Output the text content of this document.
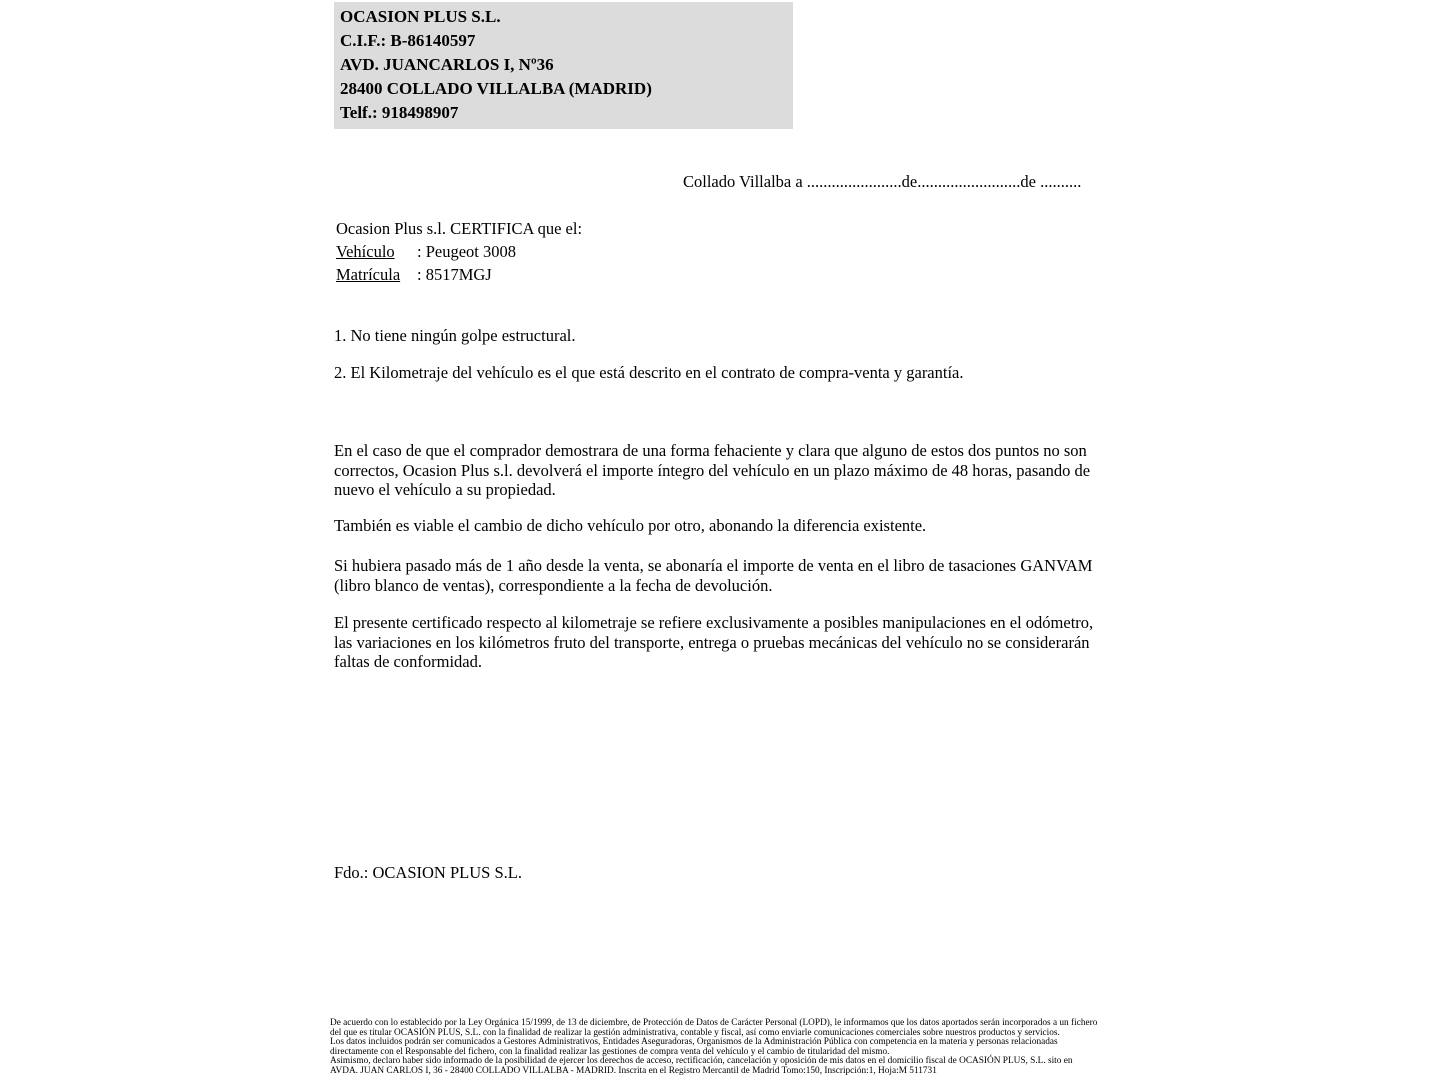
OCASION PLUS S.L.
C.I.F.: B-86140597
AVD. JUANCARLOS I, Nº36
28400 COLLADO VILLALBA (MADRID)
Telf.: 918498907
Collado Villalba a .......................de.........................de ..........
Ocasion Plus s.l. CERTIFICA que el:
Vehículo : Peugeot 3008
Matrícula : 8517MGJ
1. No tiene ningún golpe estructural.
2. El Kilometraje del vehículo es el que está descrito en el contrato de compra-venta y garantía.
En el caso de que el comprador demostrara de una forma fehaciente y clara que alguno de estos dos puntos no son correctos, Ocasion Plus s.l. devolverá el importe íntegro del vehículo en un plazo máximo de 48 horas, pasando de nuevo el vehículo a su propiedad.
También es viable el cambio de dicho vehículo por otro, abonando la diferencia existente.
Si hubiera pasado más de 1 año desde la venta, se abonaría el importe de venta en el libro de tasaciones GANVAM (libro blanco de ventas), correspondiente a la fecha de devolución.
El presente certificado respecto al kilometraje se refiere exclusivamente a posibles manipulaciones en el odómetro, las variaciones en los kilómetros fruto del transporte, entrega o pruebas mecánicas del vehículo no se considerarán faltas de conformidad.
Fdo.: OCASION PLUS S.L.
De acuerdo con lo establecido por la Ley Orgánica 15/1999, de 13 de diciembre, de Protección de Datos de Carácter Personal (LOPD), le informamos que los datos aportados serán incorporados a un fichero del que es titular OCASIÓN PLUS, S.L. con la finalidad de realizar la gestión administrativa, contable y fiscal, así como enviarle comunicaciones comerciales sobre nuestros productos y servicios.
Los datos incluidos podrán ser comunicados a Gestores Administrativos, Entidades Aseguradoras, Organismos de la Administración Pública con competencia en la materia y personas relacionadas directamente con el Responsable del fichero, con la finalidad realizar las gestiones de compra venta del vehículo y el cambio de titularidad del mismo.
Asimismo, declaro haber sido informado de la posibilidad de ejercer los derechos de acceso, rectificación, cancelación y oposición de mis datos en el domicilio fiscal de OCASIÓN PLUS, S.L. sito en AVDA. JUAN CARLOS I, 36 - 28400 COLLADO VILLALBA - MADRID. Inscrita en el Registro Mercantil de Madrid Tomo:150, Inscripción:1, Hoja:M 511731
